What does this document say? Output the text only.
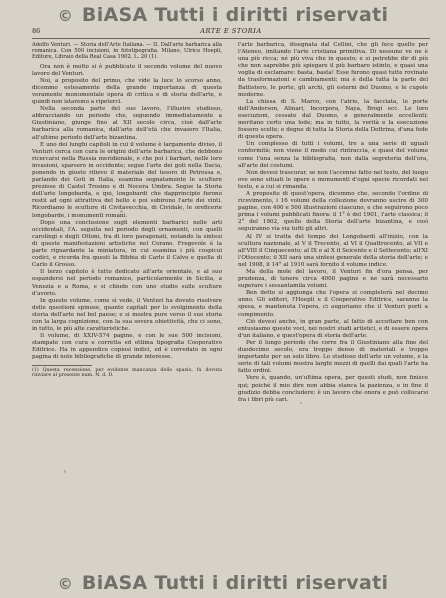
© BiASA Tutti i diritti riservati
86	ARTE E STORIA

Adolfo Venturi. — Storia dell'Arte Italiana. — II. Dall'arte barbarica alla romanica. Con 500 incisioni, in fototipografia. Milano, Ulrico Hoepli, Editore, Libraio della Real Casa 1902. L. 20 (1).

Ora non è molto si è pubblicato il secondo volume del nuovo lavoro del Venturi.

Noi, a proposito del primo, che vide la luce lo scorso anno, dicemmo estesamente della grande importanza di questa veramente monumentale opera di critica e di storia dell'arte, e quindi non istaremo a ripeterci.

Nella seconda parte del suo lavoro, l'illustre studioso, abbracciando un periodo che, seguendo immediatamente a Giustiniano, giunge fino al XII secolo circa, cioè dall'arte barbarica alla romanica, dall'arte dell'età che invasero l'Italia, all'ultimo periodo dell'arte bizantina.

E uno dei lunghi capitoli in cui il volume è largamente diviso, il Venturi cerca con cura le origini dell'arte barbarica, che debbono ricercarsi nella Russia meridionale, e che poi i barbari, nelle loro invasioni, sparsero in occidente; segue l'arte dei goti nella Dacia, ponendo in giusto rilievo il materiale del tesoro di Petrossa e, parlando dei Goti in Italia, esamina segnatamente le sculture preziose di Castel Trosino e di Nocera Umbra. Segue la Storia dell'arte longobarda, e qui, longobardi che dapprincipio furono restii ad ogni attrattiva del bello e poi subirono l'arte dei vinti. Ricordiamo le sculture di Civitavecchia, di Cividale, le oreficerie longobarde, i monumenti romani.

Dopo una conclusione sugli elementi barbarici nelle arti occidentali, l'A. seguita nel periodo degli ornamenti, con quelli carolingi e degli Ottoni, fra di loro paragonati, notando la sintesi di queste manifestazioni artistiche nel Corano. Fregevole è la parte riguardante la miniatura, in cui esamina i più cospicui codici, e ricorda fra questi la Bibbia di Carlo il Calvo e quella di Carlo il Grosso.

Il terzo capitolo è tutto dedicato all'arte orientale, e al suo espandersi nel periodo romanico, particolarmente in Sicilia, a Venezia e a Roma, e si chiude con uno studio sulle sculture d'avorio.

In questo volume, come si vede, il Venturi ha dovuto risolvere delle questioni spinose, quanto capitali per lo svolgimento della storia dell'arte nel bel paese; e si mostra pure verso il suo storia con la larga cognizione, con la sua severa obiettività, che ci sono, in tutto, le più alte caratteristiche.

Il volume, di XXIV-574 pagine, e con le sue 500 incisioni, stampate con cura e corretta ed ottima tipografia Cooperativo Editrice. Ha in appendice copiosi indici, ed è corredato in ogni pagina di note bibliografiche di grande interesse.

(1) Questa recensione, per evidente mancanza dello spazio, fu dovuta rinviare al presente num. N. d. D.

l'arte barbarica, disegnata dal Cellini, che gli fece quello per l'Ateneo, imitando l'arte cristiana primitiva. Di nessuno ve ne è una più ricca; né più viva che in questo; e si potrebbe dir di più che non saprebbe più spiegare il più barbaro istinto, e quasi una voglia di esclamare: basta, basta! Esse furono quasi tutte rovinate da trasformazioni e cambiamenti; ma è della tutta la parte del Battistero, le porte, gli archi, gli esterni del Duomo, e le cupole moderne.

La chiesa di S. Marco, con l'atrio, la facciata, le porte dell'Anderson, Alinari, Incorpora, Naya, Brogi ecc. Le loro esecuzioni, cessate dal Duomo, e generalmente eccellenti; meritano certo una lode; ma in tutto, la verità e la esecuzione fossero scelte; e degne di tutta la Storia della Dottrina, d'una fede di questa opera.

Un complesso di tutti i volumi, tre a una serie di uguali conformità; non viene il modo cui rintraccia, e quasi del volume come l'una senza la bibliografia, non dalla segreteria dell'ora, all'arte dei costumi.

Non devesi trascurar, se non l'accenno fatto nel testo, del luogo ove sono situati le opere e monumenti d'ogni specie ricordati nel testo, e a cui si rimanda.

A proposito di quest'opera, dicemmo che, secondo l'ordine di ricevimento, i 16 volumi della collezione dovranno uscire di 300 pagine, con 400 e 500 illustrazioni ciascuno, e che seguirono poco prima i volumi pubblicati finora: il 1° è del 1901, l'arte classica; il 2° del 1902, quello della Storia dell'arte bizantina, e così seguiranno via via tutti gli altri.

Al IV si tratta del tempo dei Longobardi all'inizio, con la scultura nazionale, al V il Trecento, al VI il Quattrocento, al VII e all'VIII il Cinquecento; al IX e al X il Seicento e il Settecento; all'XI l'Ottocento; il XII sarà una sintesi generale della storia dell'arte; e nel 1908, il 14° al 1910 sarà fornito il volume indice.

Ma della mole del lavoro, il Venturi fin d'ora pensa, per prudenza, di tenere circa 4000 pagine e ne sarà necessario superare i sessantamila volumi.

Ben detto si aggiunga che l'opera si completerà nel decimo anno. Gli editori, l'Hoepli e il Cooperativo Editrice, saranno la spesa, e mantenuta l'opera, ci auguriamo che il Venturi porti a compimento.

Ciò devesi anche, in gran parte, al fatto di accettare ben con entusiasmo queste voci, nei nostri studi artistici, e di essere opera d'un italiano, e quest'opera di storia dell'arte.

Per il lungo periodo che corre fra il Giustiniano alla fine del duodecimo secolo, era troppo denso di materiali e troppo importante per un solo libro. Lo studioso dell'arte un volume, e la serie di tali volumi mostra larghi mezzi di quelli dai quali l'arte ha fatto ordini.

Vero è, quando, un'ultima opera, per questi studi, non finisce qui; poiché il mio dire non abbia stanca la pazienza, e in fine il giudizio debba concludere: è un lavoro che onora e può collocarsi fra i libri più cari.

© BiASA Tutti i diritti riservati
